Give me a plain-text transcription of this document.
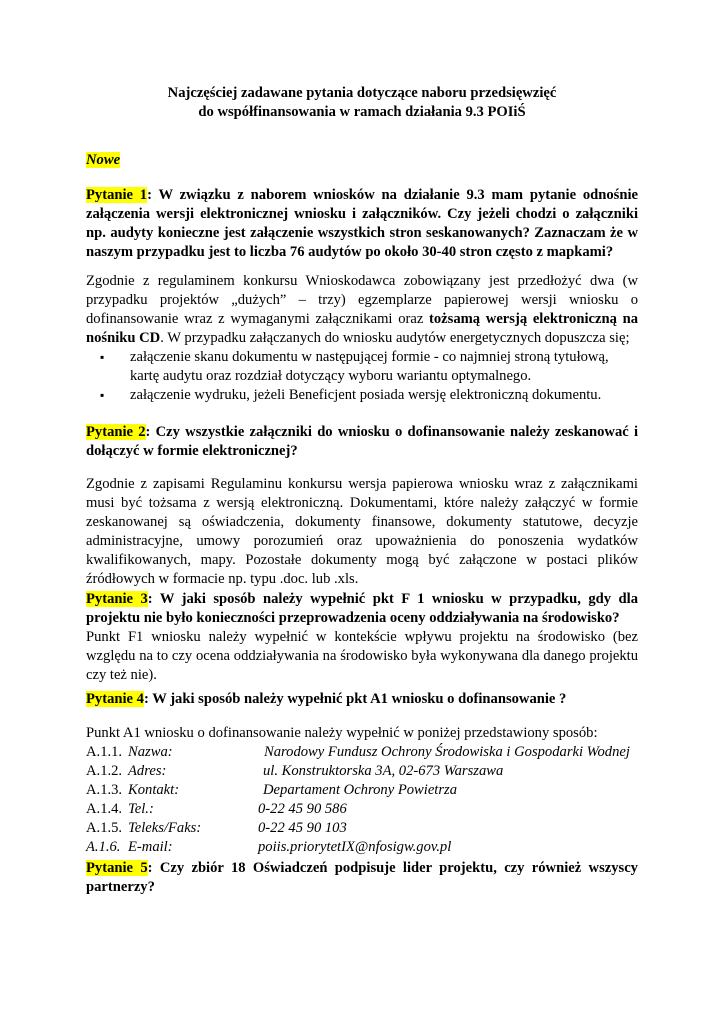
Najczęściej zadawane pytania dotyczące naboru przedsięwzięć
do współfinansowania w ramach działania 9.3 POIiŚ
Nowe
Pytanie 1: W związku z naborem wniosków na działanie 9.3 mam pytanie odnośnie załączenia wersji elektronicznej wniosku i załączników. Czy jeżeli chodzi o załączniki np. audyty konieczne jest załączenie wszystkich stron seskanowanych? Zaznaczam że w naszym przypadku jest to liczba 76 audytów po około 30-40 stron często z mapkami?
Zgodnie z regulaminem konkursu Wnioskodawca zobowiązany jest przedłożyć dwa (w przypadku projektów „dużych” – trzy) egzemplarze papierowej wersji wniosku o dofinansowanie wraz z wymaganymi załącznikami oraz tożsamą wersją elektroniczną na nośniku CD. W przypadku załączanych do wniosku audytów energetycznych dopuszcza się;
▪ załączenie skanu dokumentu w następującej formie - co najmniej stroną tytułową, kartę audytu oraz rozdział dotyczący wyboru wariantu optymalnego.
▪ załączenie wydruku, jeżeli Beneficjent posiada wersję elektroniczną dokumentu.
Pytanie 2: Czy wszystkie załączniki do wniosku o dofinansowanie należy zeskanować i dołączyć w formie elektronicznej?
Zgodnie z zapisami Regulaminu konkursu wersja papierowa wniosku wraz z załącznikami musi być tożsama z wersją elektroniczną. Dokumentami, które należy załączyć w formie zeskanowanej są oświadczenia, dokumenty finansowe, dokumenty statutowe, decyzje administracyjne, umowy porozumień oraz upoważnienia do ponoszenia wydatków kwalifikowanych, mapy. Pozostałe dokumenty mogą być załączone w postaci plików źródłowych w formacie np. typu .doc. lub .xls.
Pytanie 3: W jaki sposób należy wypełnić pkt F 1 wniosku w przypadku, gdy dla projektu nie było konieczności przeprowadzenia oceny oddziaływania na środowisko?
Punkt F1 wniosku należy wypełnić w kontekście wpływu projektu na środowisko (bez względu na to czy ocena oddziaływania na środowisko była wykonywana dla danego projektu czy też nie).
Pytanie 4: W jaki sposób należy wypełnić pkt A1 wniosku o dofinansowanie ?
Punkt A1 wniosku o dofinansowanie należy wypełnić w poniżej przedstawiony sposób:
A.1.1. Nazwa:	Narodowy Fundusz Ochrony Środowiska i Gospodarki Wodnej
A.1.2. Adres:	ul. Konstruktorska 3A, 02-673 Warszawa
A.1.3. Kontakt:	Departament Ochrony Powietrza
A.1.4. Tel.:	0-22 45 90 586
A.1.5. Teleks/Faks:	0-22 45 90 103
A.1.6. E-mail:	poiis.priorytetIX@nfosigw.gov.pl
Pytanie 5: Czy zbiór 18 Oświadczeń podpisuje lider projektu, czy również wszyscy partnerzy?
